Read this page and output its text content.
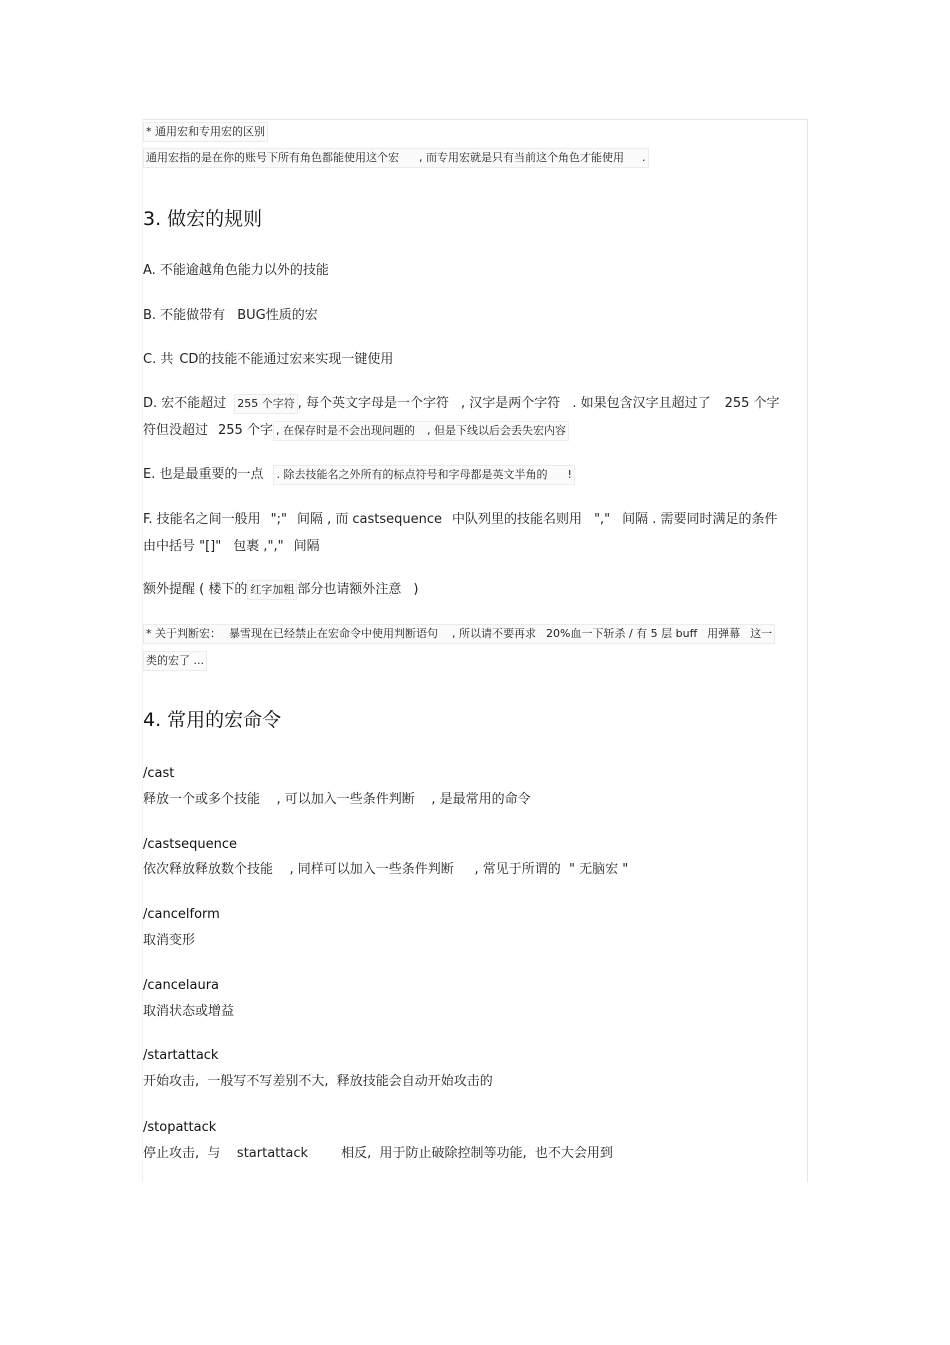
* 通用宏和专用宏的区别
通用宏指的是在你的账号下所有角色都能使用这个宏 , 而专用宏就是只有当前这个角色才能使用 .
3. 做宏的规则
A. 不能逾越角色能力以外的技能
B. 不能做带有 BUG性质的宏
C. 共 CD的技能不能通过宏来实现一键使用
D. 宏不能超过 255 个字符 , 每个英文字母是一个字符 , 汉字是两个字符 . 如果包含汉字且超过了 255 个字
符但没超过 255 个字 , 在保存时是不会出现问题的 , 但是下线以后会丢失宏内容
E. 也是最重要的一点 . 除去技能名之外所有的标点符号和字母都是英文半角的 !
F. 技能名之间一般用 ";" 间隔 , 而 castsequence 中队列里的技能名则用 "," 间隔 . 需要同时满足的条件
由中括号 "[]" 包裹 ,"," 间隔
额外提醒 ( 楼下的 红字加粗 部分也请额外注意 )
* 关于判断宏： 暴雪现在已经禁止在宏命令中使用判断语句 , 所以请不要再求 20%血一下斩杀 / 有 5 层 buff 用弹幕 这一
类的宏了 ...
4. 常用的宏命令
/cast
释放一个或多个技能    , 可以加入一些条件判断    , 是最常用的命令
/castsequence
依次释放释放数个技能    , 同样可以加入一些条件判断     , 常见于所谓的  " 无脑宏 "
/cancelform
取消变形
/cancelaura
取消状态或增益
/startattack
开始攻击,  一般写不写差别不大,  释放技能会自动开始攻击的
/stopattack
停止攻击,  与    startattack        相反,  用于防止破除控制等功能,  也不大会用到
